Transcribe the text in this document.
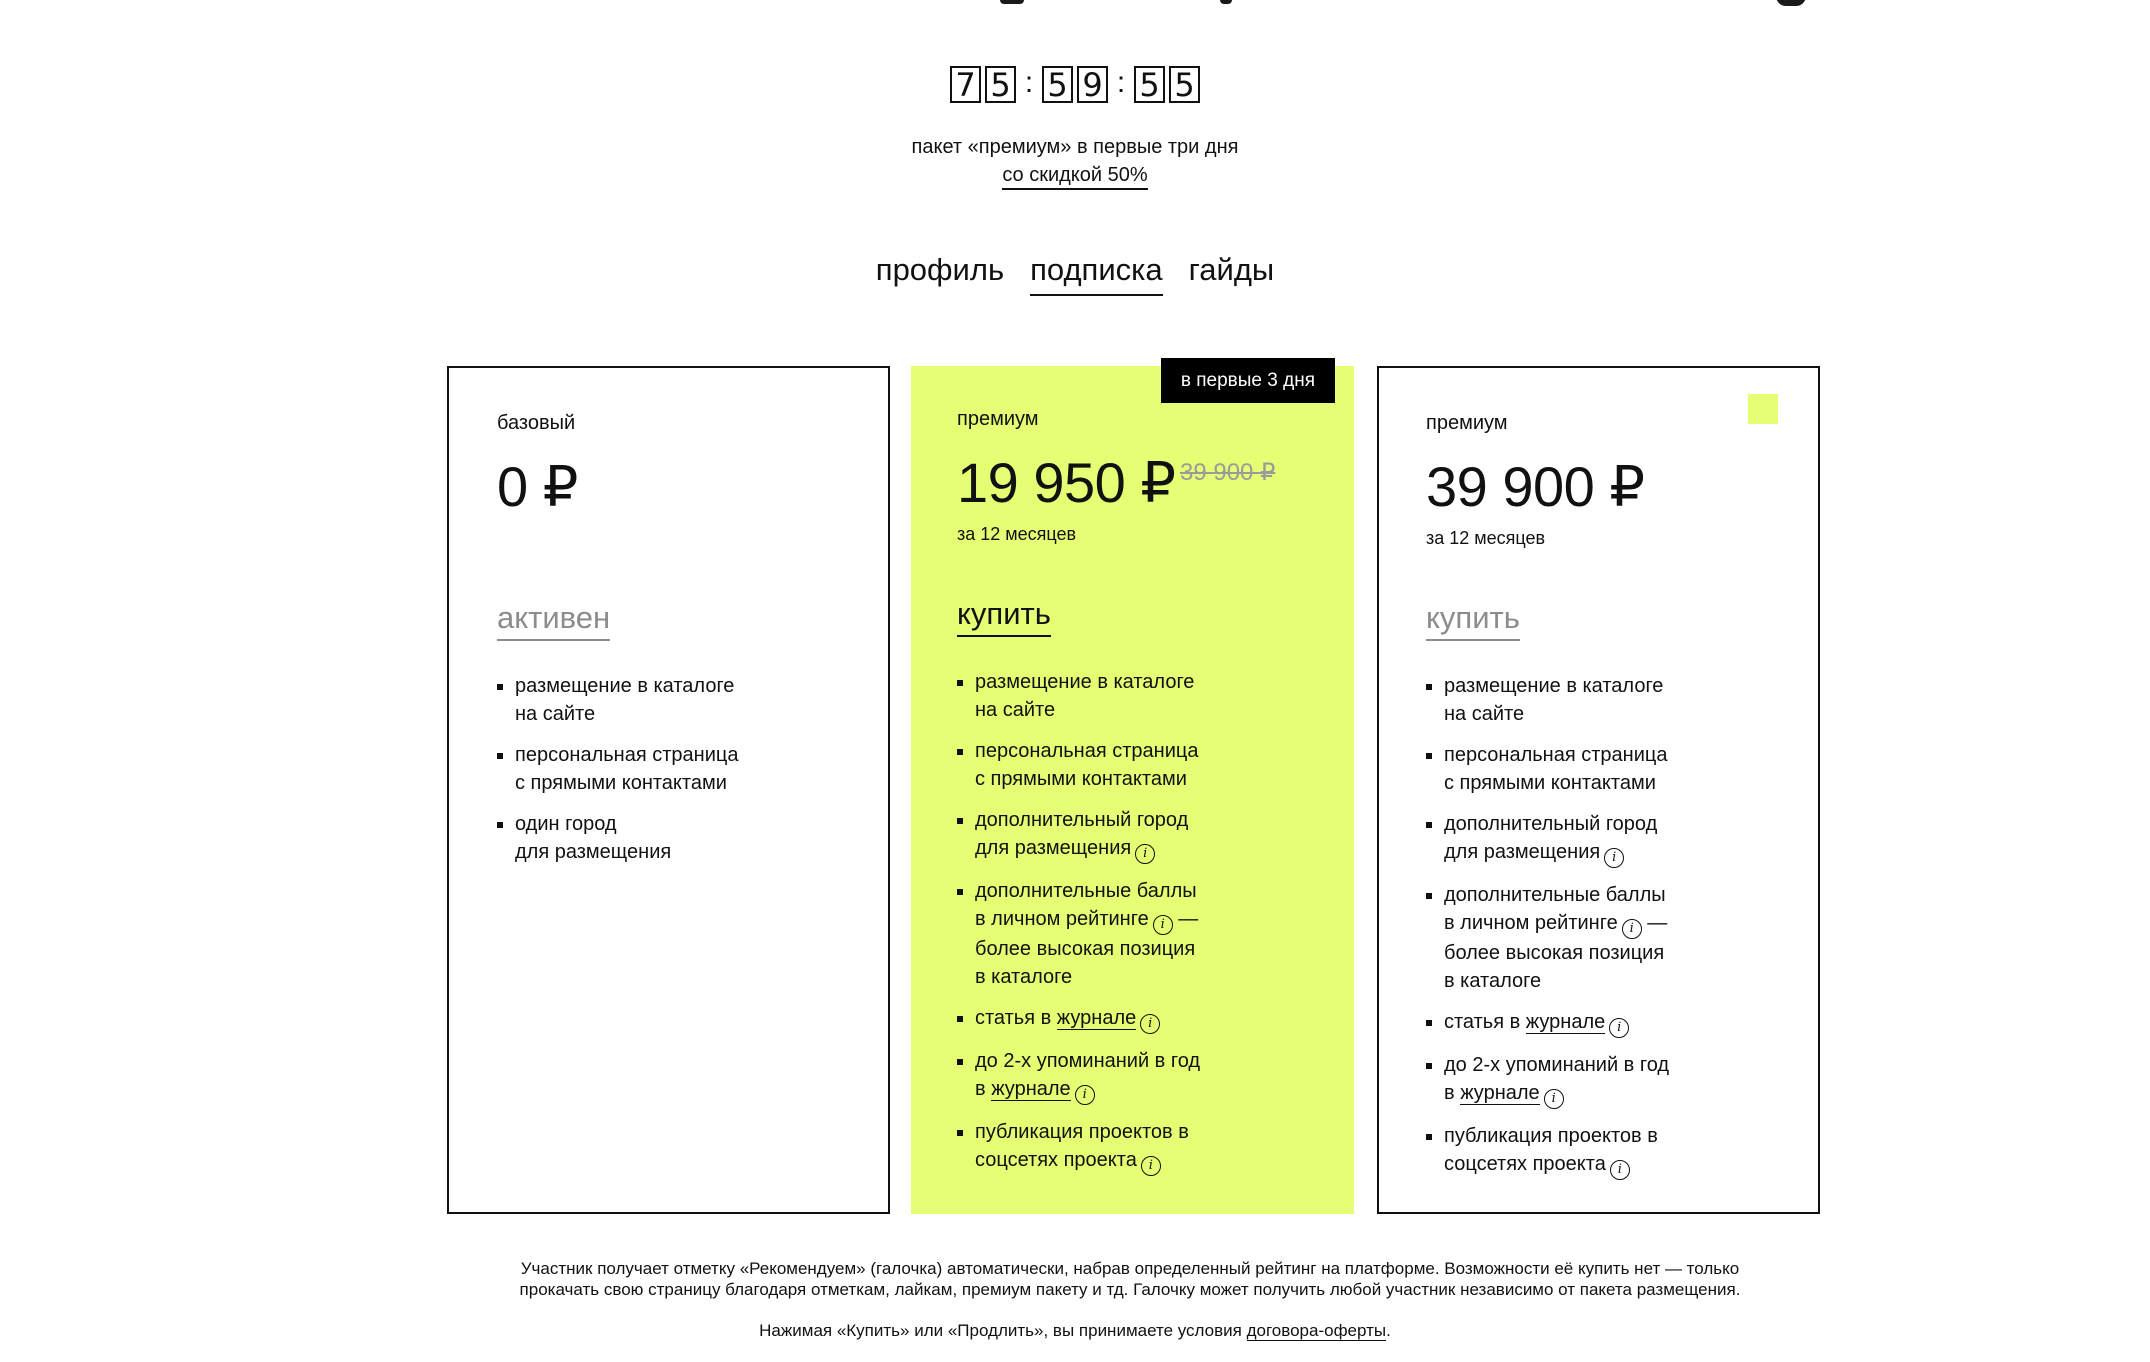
7 5 : 5 9 : 5 5
пакет «премиум» в первые три дня
со скидкой 50%
профиль подписка гайды
базовый
0 ₽
активен
размещение в каталоге
на сайте
персональная страница
с прямыми контактами
один город
для размещения
в первые 3 дня
премиум
19 950 ₽ 39 900 ₽
за 12 месяцев
купить
размещение в каталоге
на сайте
персональная страница
с прямыми контактами
дополнительный город
для размещения i
дополнительные баллы
в личном рейтинге i —
более высокая позиция
в каталоге
статья в журнале i
до 2-х упоминаний в год
в журнале i
публикация проектов в
соцсетях проекта i
премиум
39 900 ₽
за 12 месяцев
купить
размещение в каталоге
на сайте
персональная страница
с прямыми контактами
дополнительный город
для размещения i
дополнительные баллы
в личном рейтинге i —
более высокая позиция
в каталоге
статья в журнале i
до 2-х упоминаний в год
в журнале i
публикация проектов в
соцсетях проекта i
Участник получает отметку «Рекомендуем» (галочка) автоматически, набрав определенный рейтинг на платформе. Возможности её купить нет — только
прокачать свою страницу благодаря отметкам, лайкам, премиум пакету и тд. Галочку может получить любой участник независимо от пакета размещения.
Нажимая «Купить» или «Продлить», вы принимаете условия договора-оферты.
